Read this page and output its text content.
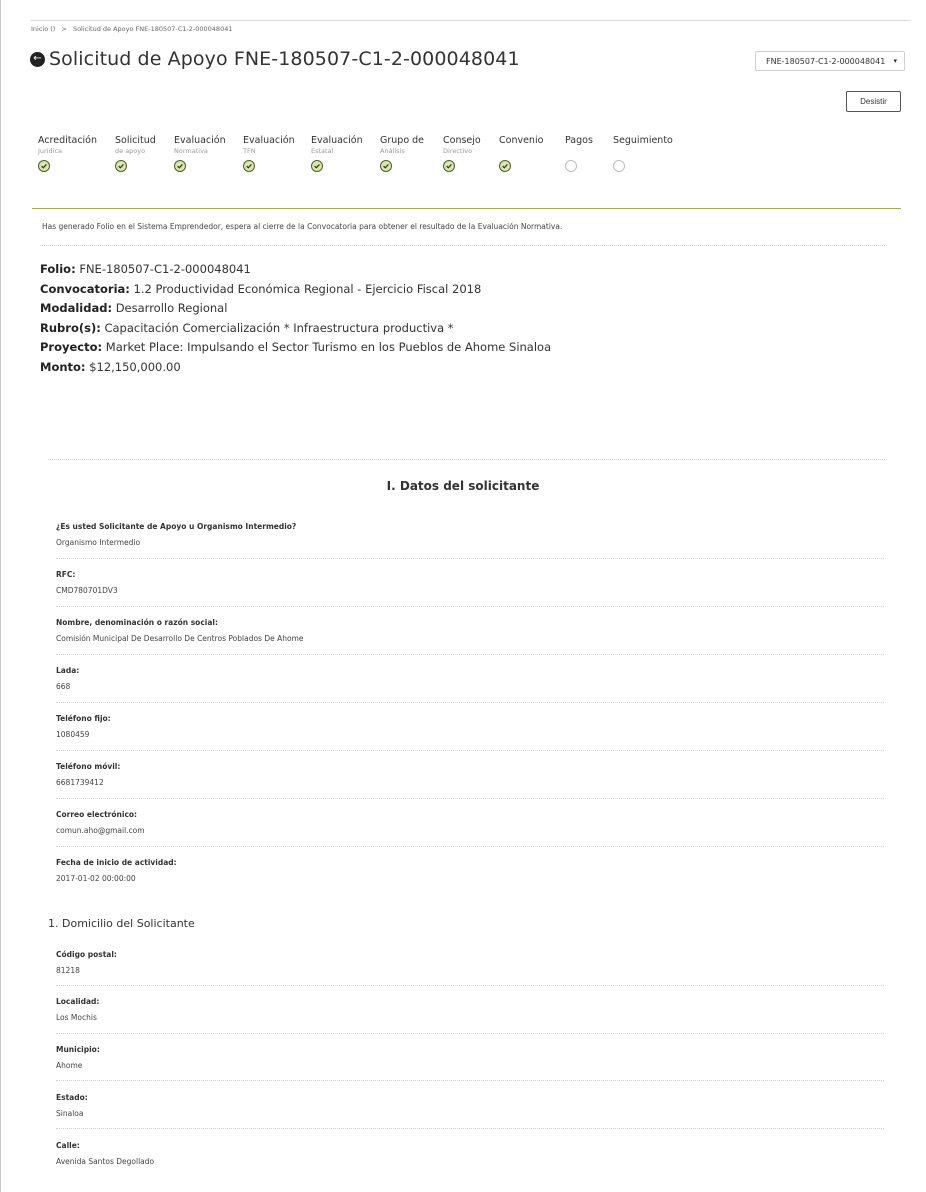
Inicio () > Solicitud de Apoyo FNE-180507-C1-2-000048041
← Solicitud de Apoyo FNE-180507-C1-2-000048041	FNE-180507-C1-2-000048041 ▾
Desistir
Acreditación
Jurídica
Solicitud
de apoyo
Evaluación
Normativa
Evaluación
TFN
Evaluación
Estatal
Grupo de
Análisis
Consejo
Directivo
Convenio Pagos Seguimiento
Has generado Folio en el Sistema Emprendedor, espera al cierre de la Convocatoria para obtener el resultado de la Evaluación Normativa.
Folio: FNE-180507-C1-2-000048041
Convocatoria: 1.2 Productividad Económica Regional - Ejercicio Fiscal 2018
Modalidad: Desarrollo Regional
Rubro(s): Capacitación Comercialización * Infraestructura productiva *
Proyecto: Market Place: Impulsando el Sector Turismo en los Pueblos de Ahome Sinaloa
Monto: $12,150,000.00
I. Datos del solicitante
¿Es usted Solicitante de Apoyo u Organismo Intermedio?
Organismo Intermedio
RFC:
CMD780701DV3
Nombre, denominación o razón social:
Comisión Municipal De Desarrollo De Centros Poblados De Ahome
Lada:
668
Teléfono fijo:
1080459
Teléfono móvil:
6681739412
Correo electrónico:
comun.aho@gmail.com
Fecha de inicio de actividad:
2017-01-02 00:00:00
1. Domicilio del Solicitante
Código postal:
81218
Localidad:
Los Mochis
Municipio:
Ahome
Estado:
Sinaloa
Calle:
Avenida Santos Degollado
